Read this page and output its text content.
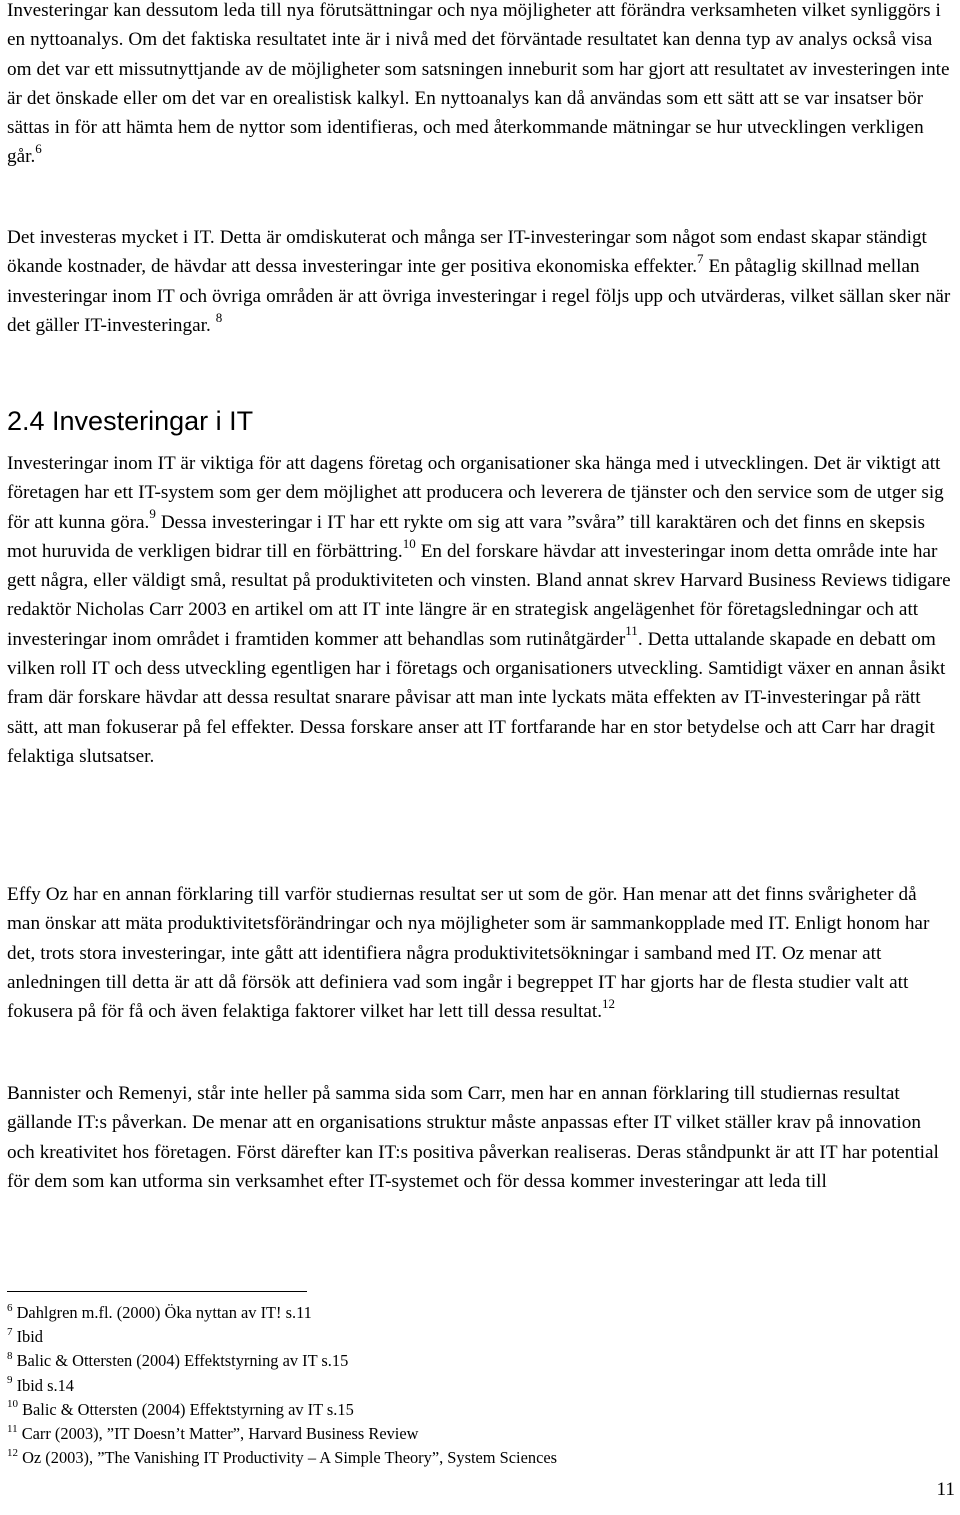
Investeringar kan dessutom leda till nya förutsättningar och nya möjligheter att förändra verksamheten vilket synliggörs i en nyttoanalys. Om det faktiska resultatet inte är i nivå med det förväntade resultatet kan denna typ av analys också visa om det var ett missutnyttjande av de möjligheter som satsningen inneburit som har gjort att resultatet av investeringen inte är det önskade eller om det var en orealistisk kalkyl. En nyttoanalys kan då användas som ett sätt att se var insatser bör sättas in för att hämta hem de nyttor som identifieras, och med återkommande mätningar se hur utvecklingen verkligen går.$^6$

Det investeras mycket i IT. Detta är omdiskuterat och många ser IT-investeringar som något som endast skapar ständigt ökande kostnader, de hävdar att dessa investeringar inte ger positiva ekonomiska effekter.$^7$ En påtaglig skillnad mellan investeringar inom IT och övriga områden är att övriga investeringar i regel följs upp och utvärderas, vilket sällan sker när det gäller IT-investeringar. $^8$

2.4 Investeringar i IT

Investeringar inom IT är viktiga för att dagens företag och organisationer ska hänga med i utvecklingen. Det är viktigt att företagen har ett IT-system som ger dem möjlighet att producera och leverera de tjänster och den service som de utger sig för att kunna göra.$^9$ Dessa investeringar i IT har ett rykte om sig att vara ”svåra” till karaktären och det finns en skepsis mot huruvida de verkligen bidrar till en förbättring.$^{10}$ En del forskare hävdar att investeringar inom detta område inte har gett några, eller väldigt små, resultat på produktiviteten och vinsten. Bland annat skrev Harvard Business Reviews tidigare redaktör Nicholas Carr 2003 en artikel om att IT inte längre är en strategisk angelägenhet för företagsledningar och att investeringar inom området i framtiden kommer att behandlas som rutinåtgärder$^{11}$. Detta uttalande skapade en debatt om vilken roll IT och dess utveckling egentligen har i företags och organisationers utveckling. Samtidigt växer en annan åsikt fram där forskare hävdar att dessa resultat snarare påvisar att man inte lyckats mäta effekten av IT-investeringar på rätt sätt, att man fokuserar på fel effekter. Dessa forskare anser att IT fortfarande har en stor betydelse och att Carr har dragit felaktiga slutsatser.

Effy Oz har en annan förklaring till varför studiernas resultat ser ut som de gör. Han menar att det finns svårigheter då man önskar att mäta produktivitetsförändringar och nya möjligheter som är sammankopplade med IT. Enligt honom har det, trots stora investeringar, inte gått att identifiera några produktivitetsökningar i samband med IT. Oz menar att anledningen till detta är att då försök att definiera vad som ingår i begreppet IT har gjorts har de flesta studier valt att fokusera på för få och även felaktiga faktorer vilket har lett till dessa resultat.$^{12}$

Bannister och Remenyi, står inte heller på samma sida som Carr, men har en annan förklaring till studiernas resultat gällande IT:s påverkan. De menar att en organisations struktur måste anpassas efter IT vilket ställer krav på innovation och kreativitet hos företagen. Först därefter kan IT:s positiva påverkan realiseras. Deras ståndpunkt är att IT har potential för dem som kan utforma sin verksamhet efter IT-systemet och för dessa kommer investeringar att leda till

$^6$ Dahlgren m.fl. (2000) Öka nyttan av IT! s.11

$^7$ Ibid

$^8$ Balic & Ottersten (2004) Effektstyrning av IT s.15

$^9$ Ibid s.14

$^{10}$ Balic & Ottersten (2004) Effektstyrning av IT s.15

$^{11}$ Carr (2003), ”IT Doesn’t Matter”, Harvard Business Review

$^{12}$ Oz (2003), ”The Vanishing IT Productivity – A Simple Theory”, System Sciences

11
